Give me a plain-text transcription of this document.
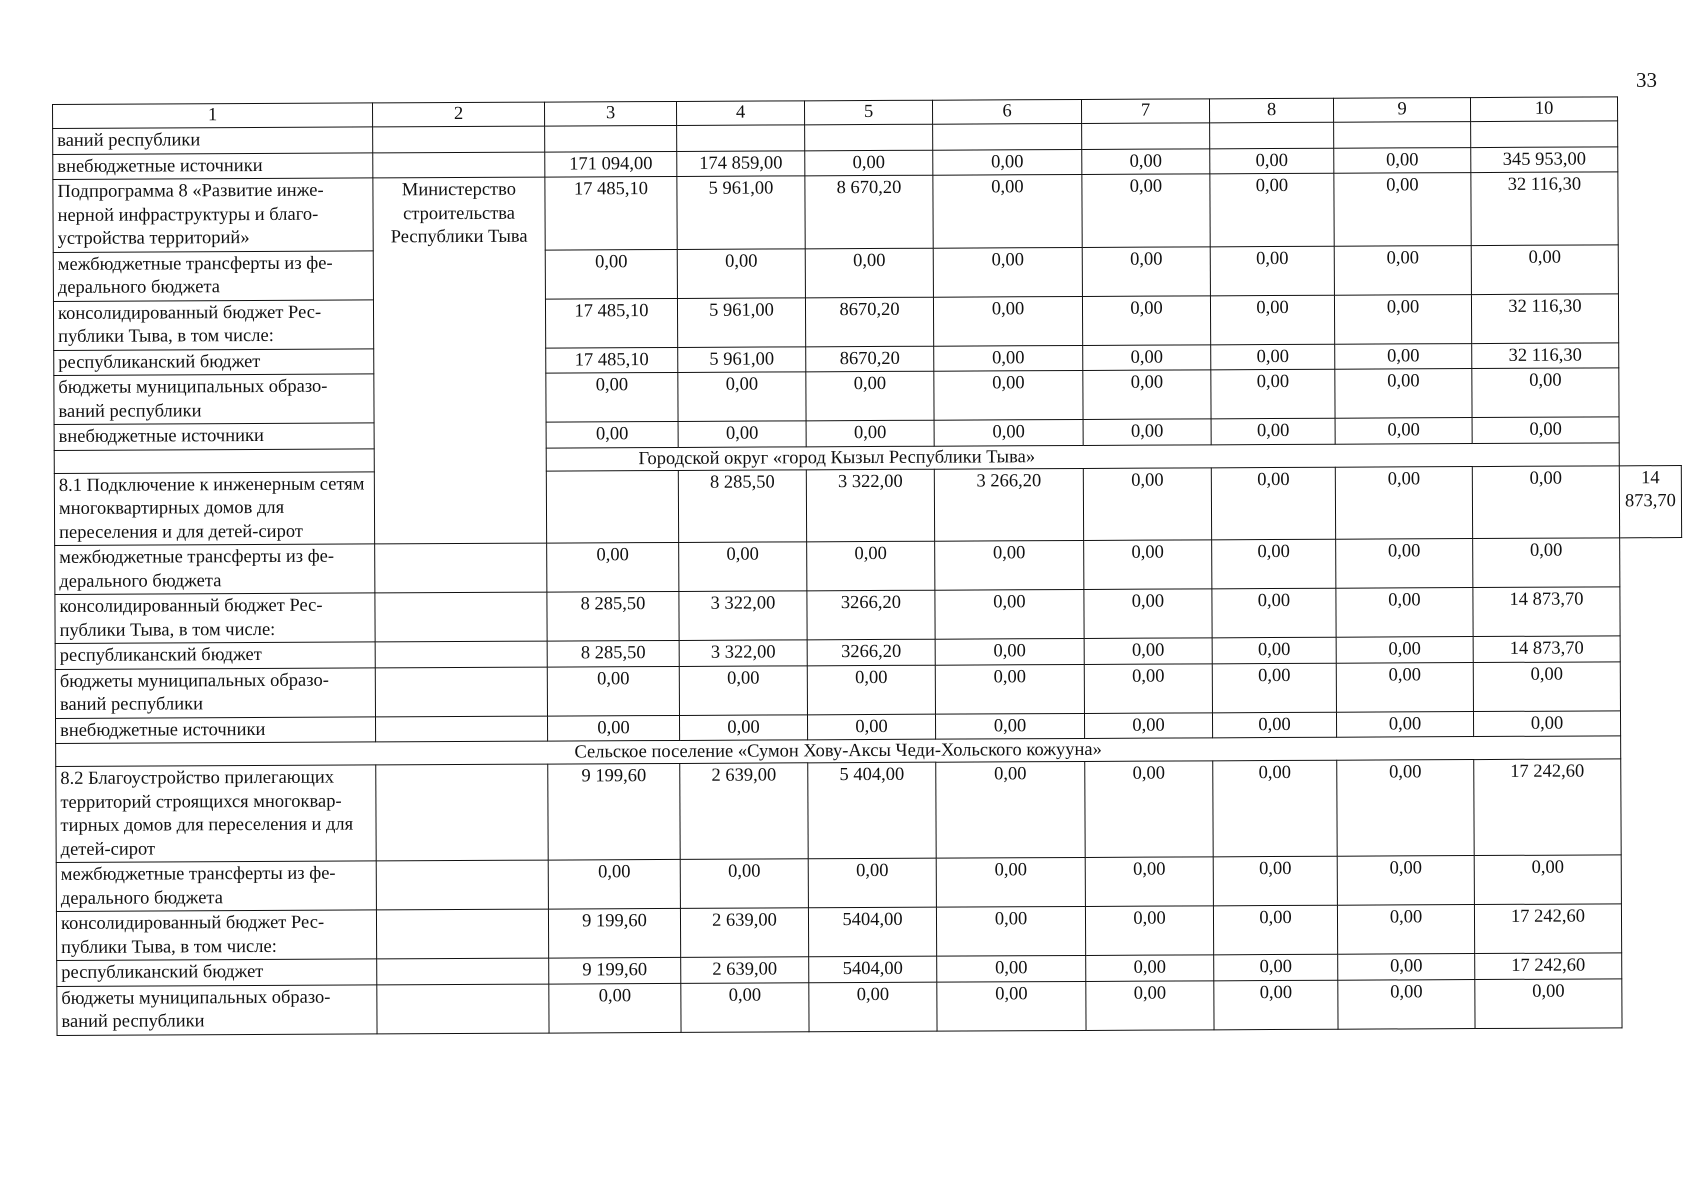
33
1	2	3	4	5	6	7	8	9	10	
ваний республики										
внебюджетные источники		171 094,00	174 859,00	0,00	0,00	0,00	0,00	0,00	345 953,00	
Подпрограмма 8 «Развитие инже-нерной инфраструктуры и благо-устройства территорий»	Министерство строительства Республики Тыва	17 485,10	5 961,00	8 670,20	0,00	0,00	0,00	0,00	32 116,30	
межбюджетные трансферты из фе-дерального бюджета		0,00	0,00	0,00	0,00	0,00	0,00	0,00	0,00	
консолидированный бюджет Рес-публики Тыва, в том числе:		17 485,10	5 961,00	8670,20	0,00	0,00	0,00	0,00	32 116,30	
республиканский бюджет		17 485,10	5 961,00	8670,20	0,00	0,00	0,00	0,00	32 116,30	
бюджеты муниципальных образо-ваний республики		0,00	0,00	0,00	0,00	0,00	0,00	0,00	0,00	
внебюджетные источники		0,00	0,00	0,00	0,00	0,00	0,00	0,00	0,00	
Городской округ «город Кызыл Республики Тыва»										
8.1 Подключение к инженерным сетям многоквартирных домов для переселения и для детей-сирот			8 285,50	3 322,00	3 266,20	0,00	0,00	0,00	0,00	14 873,70
межбюджетные трансферты из фе-дерального бюджета		0,00	0,00	0,00	0,00	0,00	0,00	0,00	0,00	
консолидированный бюджет Рес-публики Тыва, в том числе:		8 285,50	3 322,00	3266,20	0,00	0,00	0,00	0,00	14 873,70	
республиканский бюджет		8 285,50	3 322,00	3266,20	0,00	0,00	0,00	0,00	14 873,70	
бюджеты муниципальных образо-ваний республики		0,00	0,00	0,00	0,00	0,00	0,00	0,00	0,00	
внебюджетные источники		0,00	0,00	0,00	0,00	0,00	0,00	0,00	0,00	
Сельское поселение «Сумон Хову-Аксы Чеди-Хольского кожууна»										
8.2 Благоустройство прилегающих территорий строящихся многоквар-тирных домов для переселения и для детей-сирот		9 199,60	2 639,00	5 404,00	0,00	0,00	0,00	0,00	17 242,60	
межбюджетные трансферты из фе-дерального бюджета		0,00	0,00	0,00	0,00	0,00	0,00	0,00	0,00	
консолидированный бюджет Рес-публики Тыва, в том числе:		9 199,60	2 639,00	5404,00	0,00	0,00	0,00	0,00	17 242,60	
республиканский бюджет		9 199,60	2 639,00	5404,00	0,00	0,00	0,00	0,00	17 242,60	
бюджеты муниципальных образо-ваний республики		0,00	0,00	0,00	0,00	0,00	0,00	0,00	0,00	
